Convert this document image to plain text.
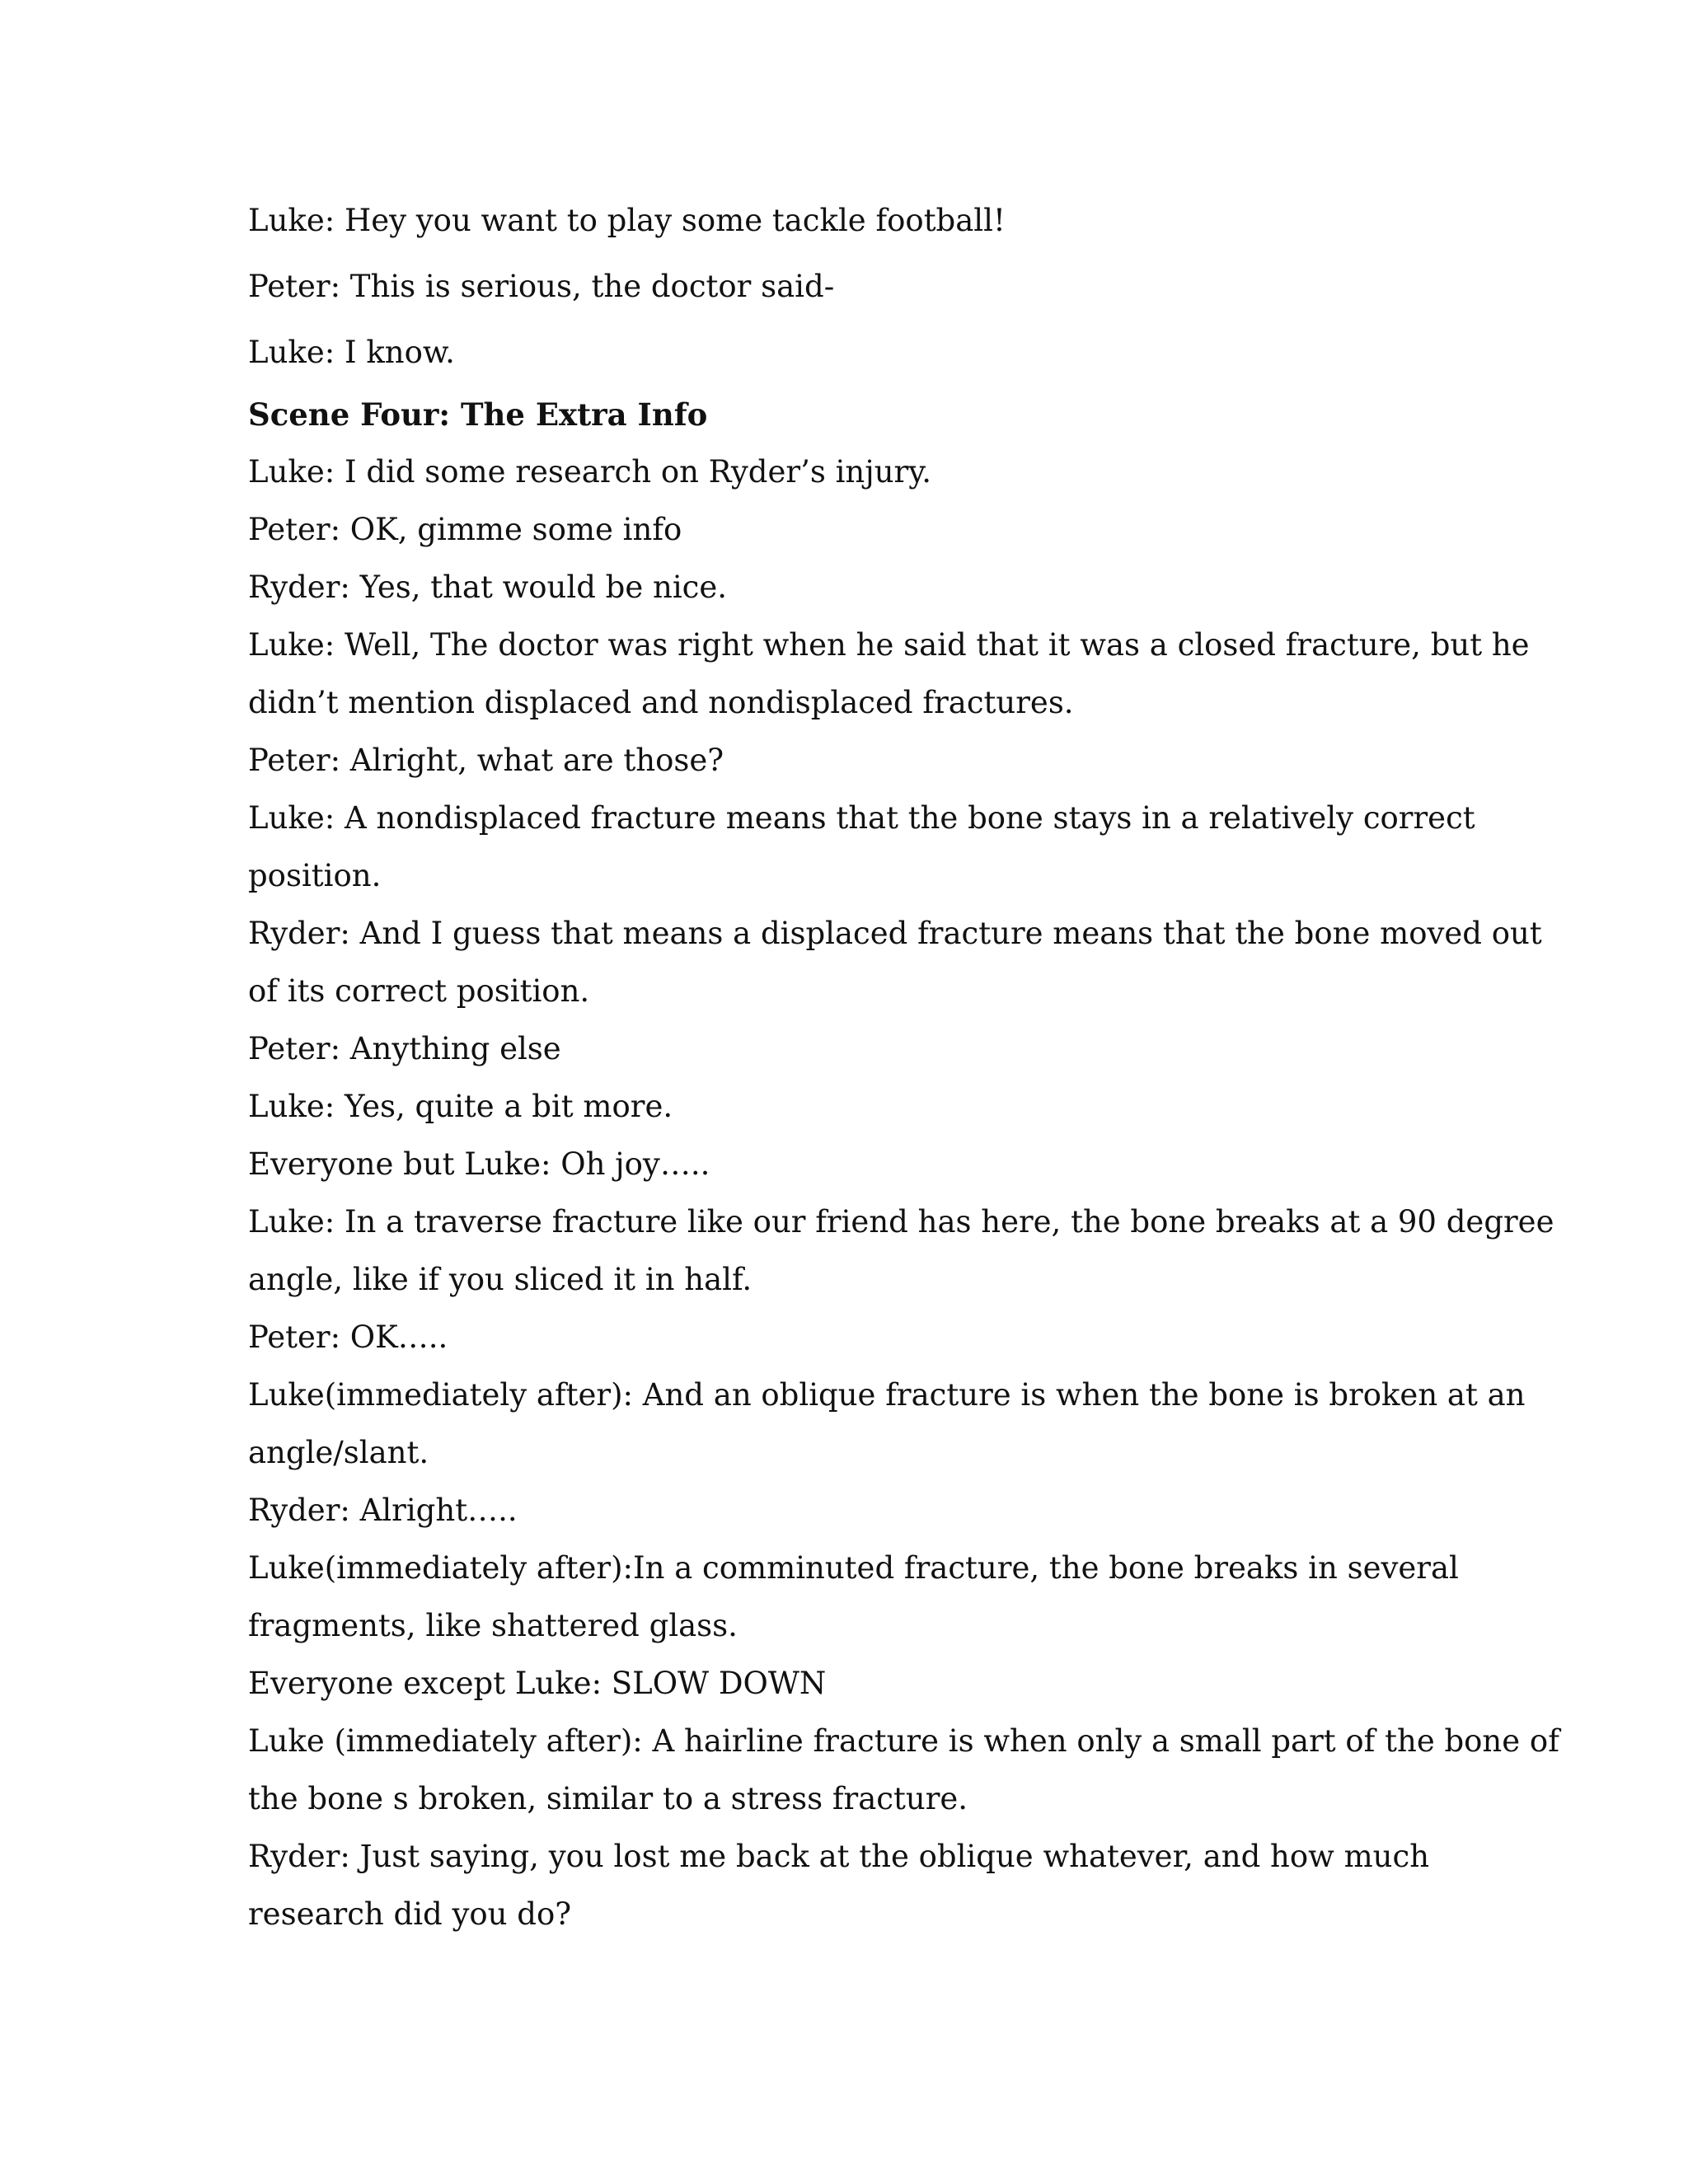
Luke: Hey you want to play some tackle football!

Peter: This is serious, the doctor said-

Luke: I know.

Scene Four: The Extra Info

Luke: I did some research on Ryder’s injury.

Peter: OK, gimme some info

Ryder: Yes, that would be nice.

Luke: Well, The doctor was right when he said that it was a closed fracture, but he

didn’t mention displaced and nondisplaced fractures.

Peter: Alright, what are those?

Luke: A nondisplaced fracture means that the bone stays in a relatively correct

position.

Ryder: And I guess that means a displaced fracture means that the bone moved out

of its correct position.

Peter: Anything else

Luke: Yes, quite a bit more.

Everyone but Luke: Oh joy…..

Luke: In a traverse fracture like our friend has here, the bone breaks at a 90 degree

angle, like if you sliced it in half.

Peter: OK…..

Luke(immediately after): And an oblique fracture is when the bone is broken at an

angle/slant.

Ryder: Alright…..

Luke(immediately after):In a comminuted fracture, the bone breaks in several

fragments, like shattered glass.

Everyone except Luke: SLOW DOWN

Luke (immediately after): A hairline fracture is when only a small part of the bone of

the bone s broken, similar to a stress fracture.

Ryder: Just saying, you lost me back at the oblique whatever, and how much

research did you do?
